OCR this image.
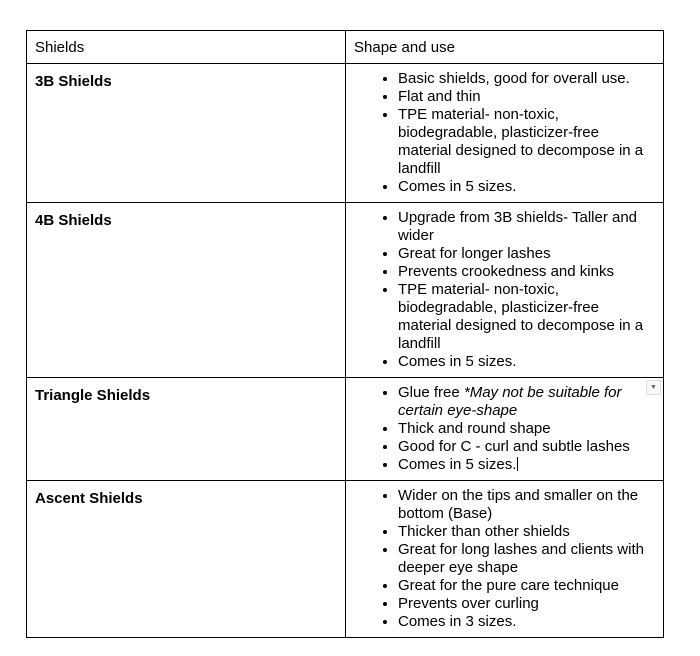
Shields	Shape and use
3B Shields	
•Basic shields, good for overall use.
• Flat and thin
• TPE material- non-toxic, biodegradable, plasticizer-free material designed to decompose in a landfill
• Comes in 5 sizes.

4B Shields	
•Upgrade from 3B shields- Taller and wider
• Great for longer lashes
• Prevents crookedness and kinks
• TPE material- non-toxic, biodegradable, plasticizer-free material designed to decompose in a landfill
• Comes in 5 sizes.

Triangle Shields	▼
• Glue free *May not be suitable for certain eye-shape
• Thick and round shape
• Good for C - curl and subtle lashes
• Comes in 5 sizes.

Ascent Shields	
•Wider on the tips and smaller on the bottom (Base)
• Thicker than other shields
• Great for long lashes and clients with deeper eye shape
• Great for the pure care technique
• Prevents over curling
• Comes in 3 sizes.
